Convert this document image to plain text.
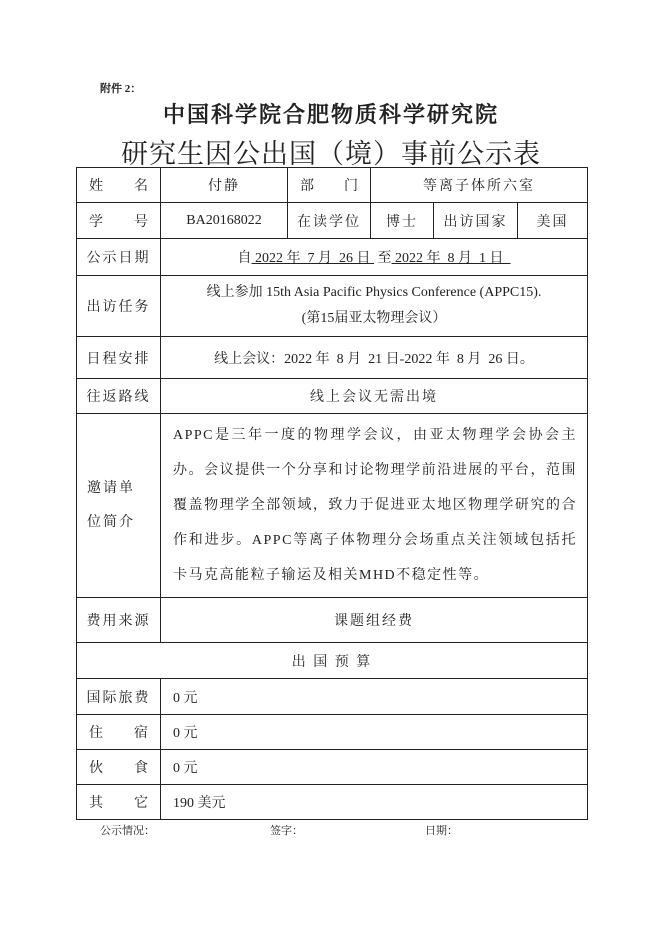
附件 2：
中国科学院合肥物质科学研究院
研究生因公出国（境）事前公示表
姓 名	付静	部 门	等离子体所六室		

学 号	BA20168022	在读学位	博士	出访国家	美国
公示日期	自 2022 年  7 月  26 日  至 2022 年  8 月  1 日				
出访任务	线上参加 15th Asia Pacific Physics Conference (APPC15).
(第15届亚太物理会议）				

日程安排	线上会议：2022 年  8 月  21 日-2022 年  8 月  26 日。				
往返路线	线上会议无需出境				

邀请单
位简介	APPC是三年一度的物理学会议，由亚太物理学会协会主办。会议提供一个分享和讨论物理学前沿进展的平台，范围覆盖物理学全部领域，致力于促进亚太地区物理学研究的合作和进步。APPC等离子体物理分会场重点关注领域包括托卡马克高能粒子输运及相关MHD不稳定性等。				
费用来源	课题组经费				
出 国 预 算					
国际旅费	0 元				

住 宿	0 元				

伙 食	0 元				

其 它	190 美元				
公示情况：	签字：	日期：
